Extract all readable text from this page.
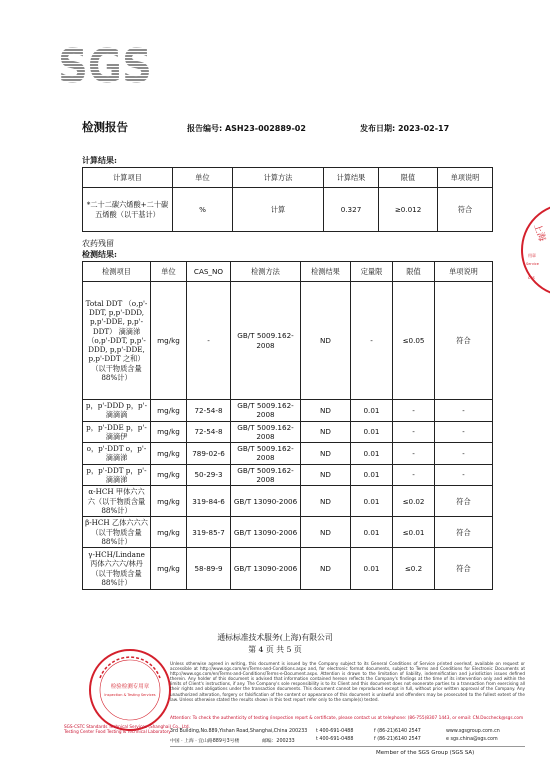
SGS
检测报告	报告编号: ASH23-002889-02	发布日期: 2023-02-17
计算结果:
计算项目	单位	计算方法	计算结果	限值	单项说明
*二十二碳六烯酸+二十碳五烯酸（以干基计）	%	计算	0.327	≥0.012	符合
农药残留
检测结果:
检测项目	单位	CAS_NO	检测方法	检测结果	定量限	限值	单项说明
Total DDT （o,p'-DDT, p,p'-DDD, p,p'-DDE, p,p'-DDT） 滴滴涕（o,p'-DDT, p,p'-DDD, p,p'-DDE, p,p'-DDT 之和）（以干物质含量88%计）	mg/kg	-	GB/T 5009.162-2008	ND	-	≤0.05	符合
p，p'-DDD p，p'-滴滴滴	mg/kg	72-54-8	GB/T 5009.162-2008	ND	0.01	-	-
p，p'-DDE p，p'-滴滴伊	mg/kg	72-54-8	GB/T 5009.162-2008	ND	0.01	-	-
o，p'-DDT o，p'-滴滴涕	mg/kg	789-02-6	GB/T 5009.162-2008	ND	0.01	-	-
p，p'-DDT p，p'-滴滴涕	mg/kg	50-29-3	GB/T 5009.162-2008	ND	0.01	-	-
α-HCH 甲体六六六（以干物质含量88%计）	mg/kg	319-84-6	GB/T 13090-2006	ND	0.01	≤0.02	符合
β-HCH 乙体六六六（以干物质含量88%计）	mg/kg	319-85-7	GB/T 13090-2006	ND	0.01	≤0.01	符合
γ-HCH/Lindane 丙体六六六/林丹（以干物质含量 88%计）	mg/kg	58-89-9	GB/T 13090-2006	ND	0.01	≤0.2	符合
上海
用章
Service
ces
通标标准技术服务(上海)有限公司
第 4 页 共 5 页
检验检测专用章
Inspection & Testing Services
SGS-CSTC Standards Technical Services (Shanghai) Co., Ltd.
Testing Center Food Testing & Technical Laboratory
Unless otherwise agreed in writing, this document is issued by the Company subject to its General Conditions of Service printed overleaf, available on request or accessible at http://www.sgs.com/en/Terms-and-Conditions.aspx and, for electronic format documents, subject to Terms and Conditions for Electronic Documents at http://www.sgs.com/en/Terms-and-Conditions/Terms-e-Document.aspx. Attention is drawn to the limitation of liability, indemnification and jurisdiction issues defined therein. Any holder of this document is advised that information contained hereon reflects the Company's findings at the time of its intervention only and within the limits of Client's instructions, if any. The Company's sole responsibility is to its Client and this document does not exonerate parties to a transaction from exercising all their rights and obligations under the transaction documents. This document cannot be reproduced except in full, without prior written approval of the Company. Any unauthorized alteration, forgery or falsification of the content or appearance of this document is unlawful and offenders may be prosecuted to the fullest extent of the law. Unless otherwise stated the results shown in this test report refer only to the sample(s) tested.
Attention: To check the authenticity of testing /inspection report & certificate, please contact us at telephone: (86-755)8307 1443, or email: CN.Doccheck@sgs.com
3rd Building,No.889,Yishan Road,Shanghai,China 200233 t 400-691-0488	f (86-21)6140 2547	www.sgsgroup.com.cn
中国 · 上海 · 宜山路889号3号楼	邮编：200233	t 400-691-0488	f (86-21)6140 2547	e sgs.china@sgs.com
Member of the SGS Group (SGS SA)
